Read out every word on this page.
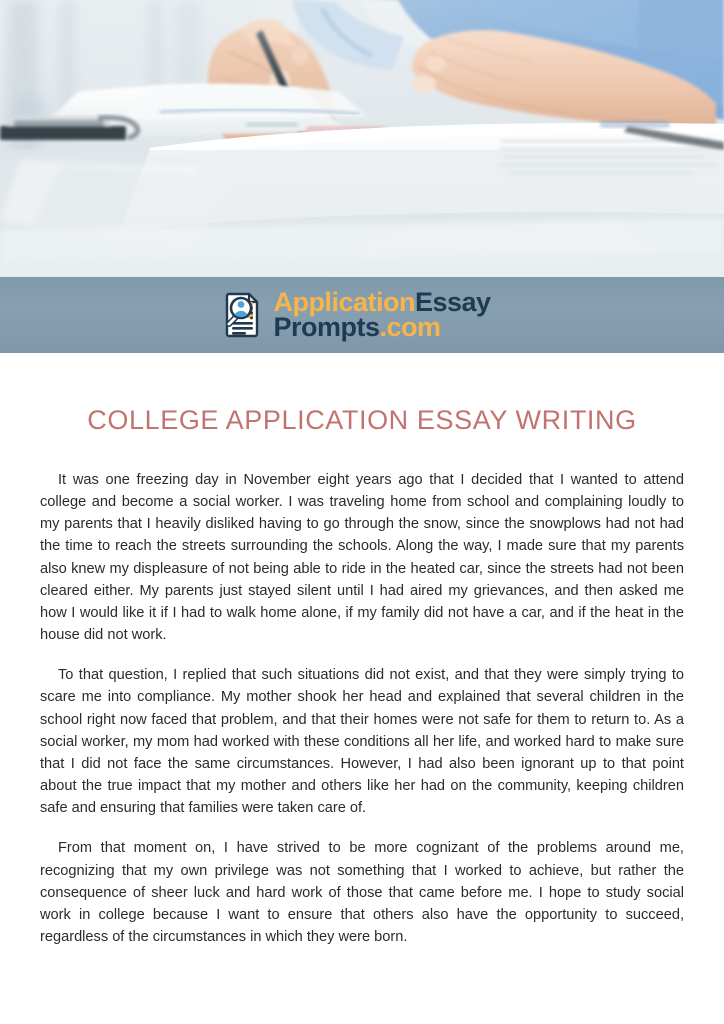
ApplicationEssay
Prompts.com
COLLEGE APPLICATION ESSAY WRITING

It was one freezing day in November eight years ago that I decided that I wanted to attend college and become a social worker. I was traveling home from school and complaining loudly to my parents that I heavily disliked having to go through the snow, since the snowplows had not had the time to reach the streets surrounding the schools. Along the way, I made sure that my parents also knew my displeasure of not being able to ride in the heated car, since the streets had not been cleared either. My parents just stayed silent until I had aired my grievances, and then asked me how I would like it if I had to walk home alone, if my family did not have a car, and if the heat in the house did not work.

To that question, I replied that such situations did not exist, and that they were simply trying to scare me into compliance. My mother shook her head and explained that several children in the school right now faced that problem, and that their homes were not safe for them to return to. As a social worker, my mom had worked with these conditions all her life, and worked hard to make sure that I did not face the same circumstances. However, I had also been ignorant up to that point about the true impact that my mother and others like her had on the community, keeping children safe and ensuring that families were taken care of.

From that moment on, I have strived to be more cognizant of the problems around me, recognizing that my own privilege was not something that I worked to achieve, but rather the consequence of sheer luck and hard work of those that came before me. I hope to study social work in college because I want to ensure that others also have the opportunity to succeed, regardless of the circumstances in which they were born.
